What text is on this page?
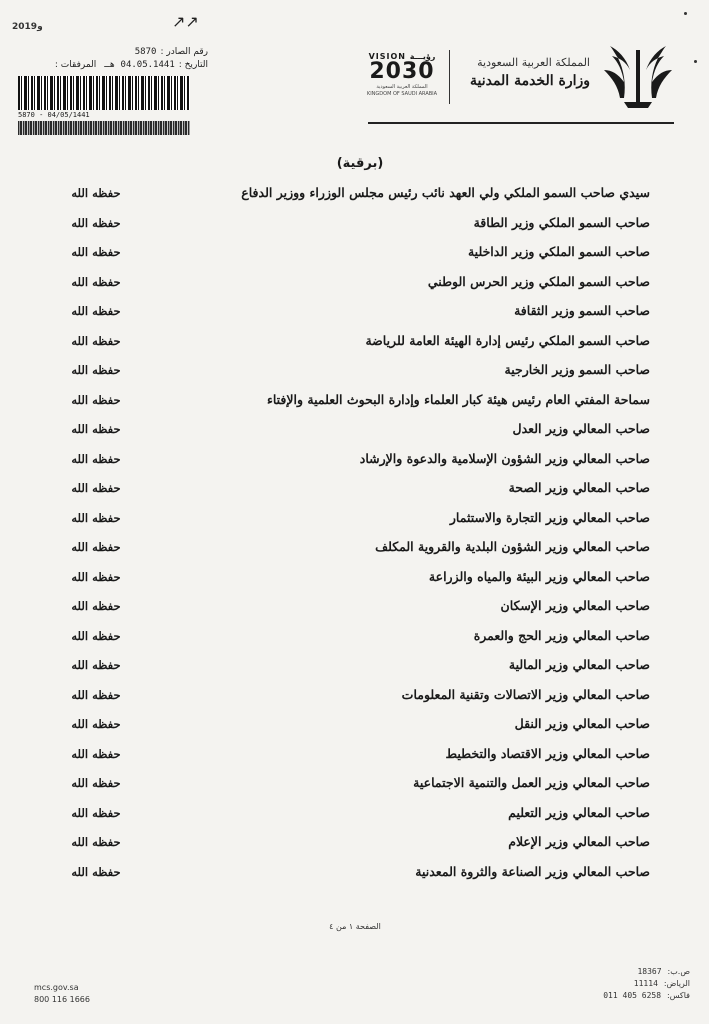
ﻭ2019	↗↗
رقم الصادر :5870
التاريخ :04.05.1441 هـالمرفقات :
5870 - 04/05/1441
VISION رؤيـــة
2030
المملكة العربية السعودية KINGDOM OF SAUDI ARABIA
المملكة العربية السعودية
وزارة الخدمة المدنية
(برقية)
سيدي صاحب السمو الملكي ولي العهد نائب رئيس مجلس الوزراء ووزير الدفاع
حفظه الله
صاحب السمو الملكي وزير الطاقة
حفظه الله
صاحب السمو الملكي وزير الداخلية
حفظه الله
صاحب السمو الملكي وزير الحرس الوطني
حفظه الله
صاحب السمو وزير الثقافة
حفظه الله
صاحب السمو الملكي رئيس إدارة الهيئة العامة للرياضة
حفظه الله
صاحب السمو وزير الخارجية
حفظه الله
سماحة المفتي العام رئيس هيئة كبار العلماء وإدارة البحوث العلمية والإفتاء
حفظه الله
صاحب المعالي وزير العدل
حفظه الله
صاحب المعالي وزير الشؤون الإسلامية والدعوة والإرشاد
حفظه الله
صاحب المعالي وزير الصحة
حفظه الله
صاحب المعالي وزير التجارة والاستثمار
حفظه الله
صاحب المعالي وزير الشؤون البلدية والقروية المكلف
حفظه الله
صاحب المعالي وزير البيئة والمياه والزراعة
حفظه الله
صاحب المعالي وزير الإسكان
حفظه الله
صاحب المعالي وزير الحج والعمرة
حفظه الله
صاحب المعالي وزير المالية
حفظه الله
صاحب المعالي وزير الاتصالات وتقنية المعلومات
حفظه الله
صاحب المعالي وزير النقل
حفظه الله
صاحب المعالي وزير الاقتصاد والتخطيط
حفظه الله
صاحب المعالي وزير العمل والتنمية الاجتماعية
حفظه الله
صاحب المعالي وزير التعليم
حفظه الله
صاحب المعالي وزير الإعلام
حفظه الله
صاحب المعالي وزير الصناعة والثروة المعدنية
حفظه الله
الصفحة ١ من ٤
mcs.gov.sa
800 116 1666
18367 ص.ب:
11114 الرياض:
011 405 6258 فاكس:
